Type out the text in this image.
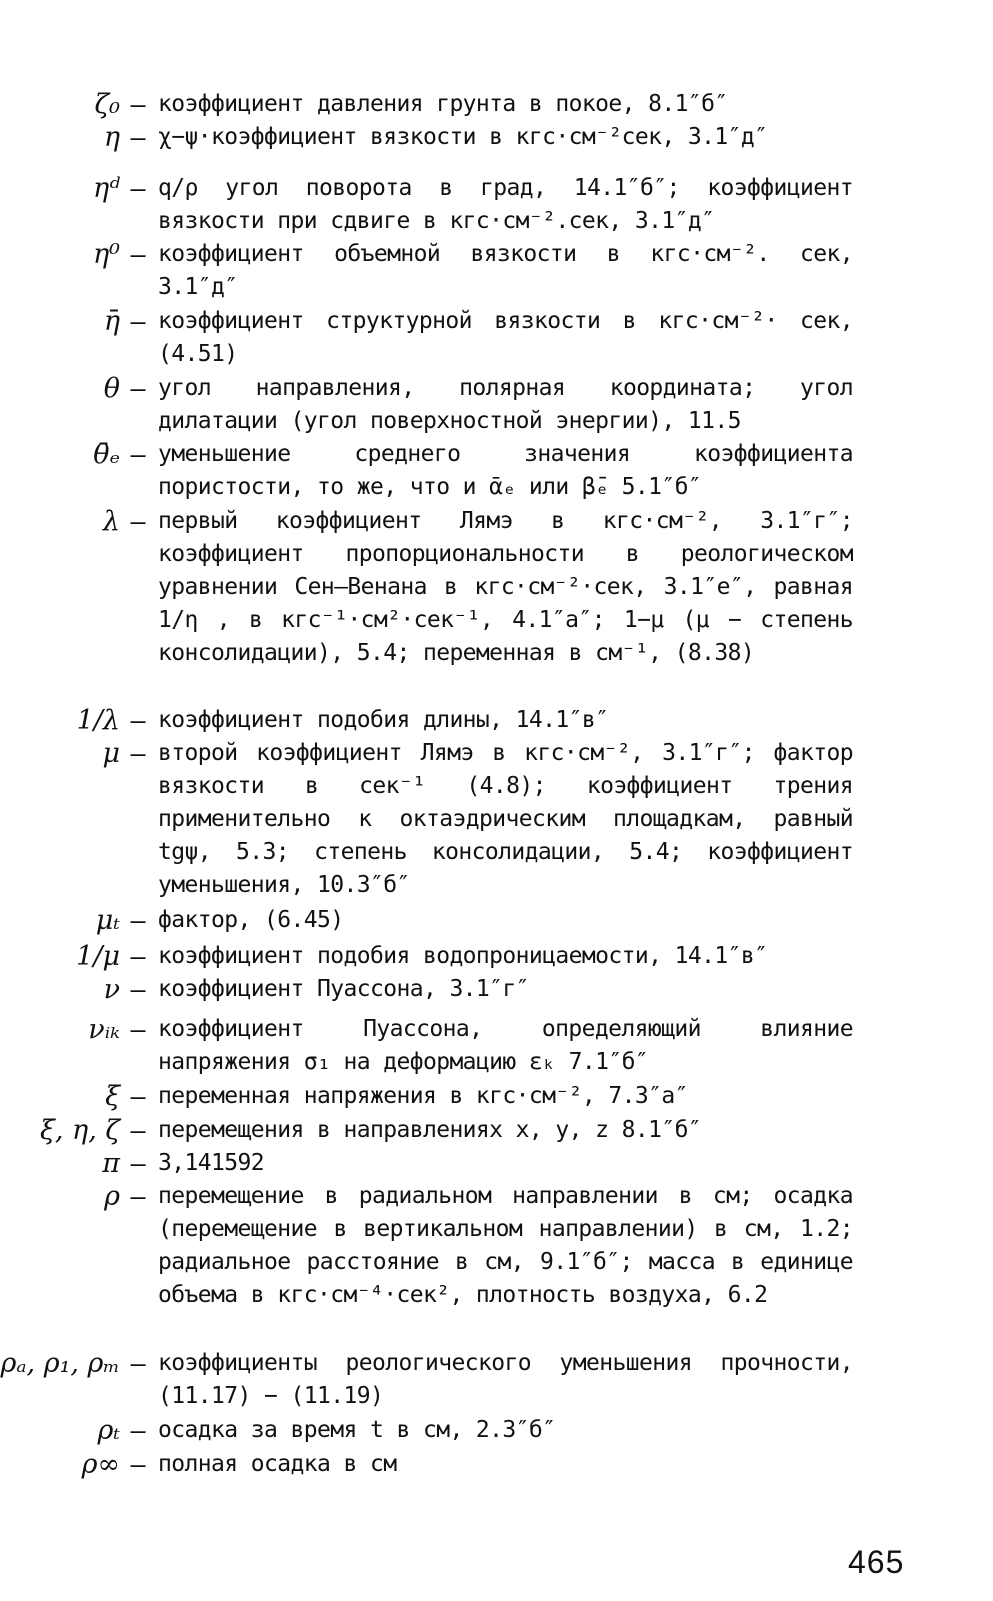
ζ₀ – коэффициент давления грунта в покое, 8.1″б″
η – χ−ψ·коэффициент вязкости в кгс·см⁻²сек, 3.1″д″
ηᵈ – q/ρ угол поворота в град, 14.1″б″; коэффициент вязкости при сдвиге в кгс·см⁻².сек, 3.1″д″
η⁰ – коэффициент объемной вязкости в кгс·см⁻². сек, 3.1″д″
η̄ – коэффициент структурной вязкости в кгс·см⁻²· сек, (4.51)
θ – угол направления, полярная координата; угол дилатации (угол поверхностной энергии), 11.5
θ̄ₑ – уменьшение среднего значения коэффициента пористости, то же, что и ᾱₑ или β̄ₑ 5.1″б″
λ – первый коэффициент Лямэ в кгс·см⁻², 3.1″г″; коэффициент пропорциональности в реологическом уравнении Сен–Венана в кгс·см⁻²·сек, 3.1″е″, равная 1/η , в кгс⁻¹·см²·сек⁻¹, 4.1″а″; 1−μ (μ − степень консолидации), 5.4; переменная в см⁻¹, (8.38)
1/λ – коэффициент подобия длины, 14.1″в″
μ – второй коэффициент Лямэ в кгс·см⁻², 3.1″г″; фактор вязкости в сек⁻¹ (4.8); коэффициент трения применительно к октаэдрическим площадкам, равный tgψ, 5.3; степень консолидации, 5.4; коэффициент уменьшения, 10.3″б″
μₜ – фактор, (6.45)
1/μ – коэффициент подобия водопроницаемости, 14.1″в″
ν – коэффициент Пуассона, 3.1″г″
νᵢₖ – коэффициент Пуассона, определяющий влияние напряжения σ₁ на деформацию εₖ 7.1″б″
ξ – переменная напряжения в кгс·см⁻², 7.3″а″
ξ, η, ζ – перемещения в направлениях x, y, z 8.1″б″
π – 3,141592
ρ – перемещение в радиальном направлении в см; осадка (перемещение в вертикальном направлении) в см, 1.2; радиальное расстояние в см, 9.1″б″; масса в единице объема в кгс·см⁻⁴·сек², плотность воздуха, 6.2
ρₐ, ρ₁, ρₘ – коэффициенты реологического уменьшения прочности, (11.17) − (11.19)
ρₜ – осадка за время t в см, 2.3″б″
ρ∞ – полная осадка в см
465
